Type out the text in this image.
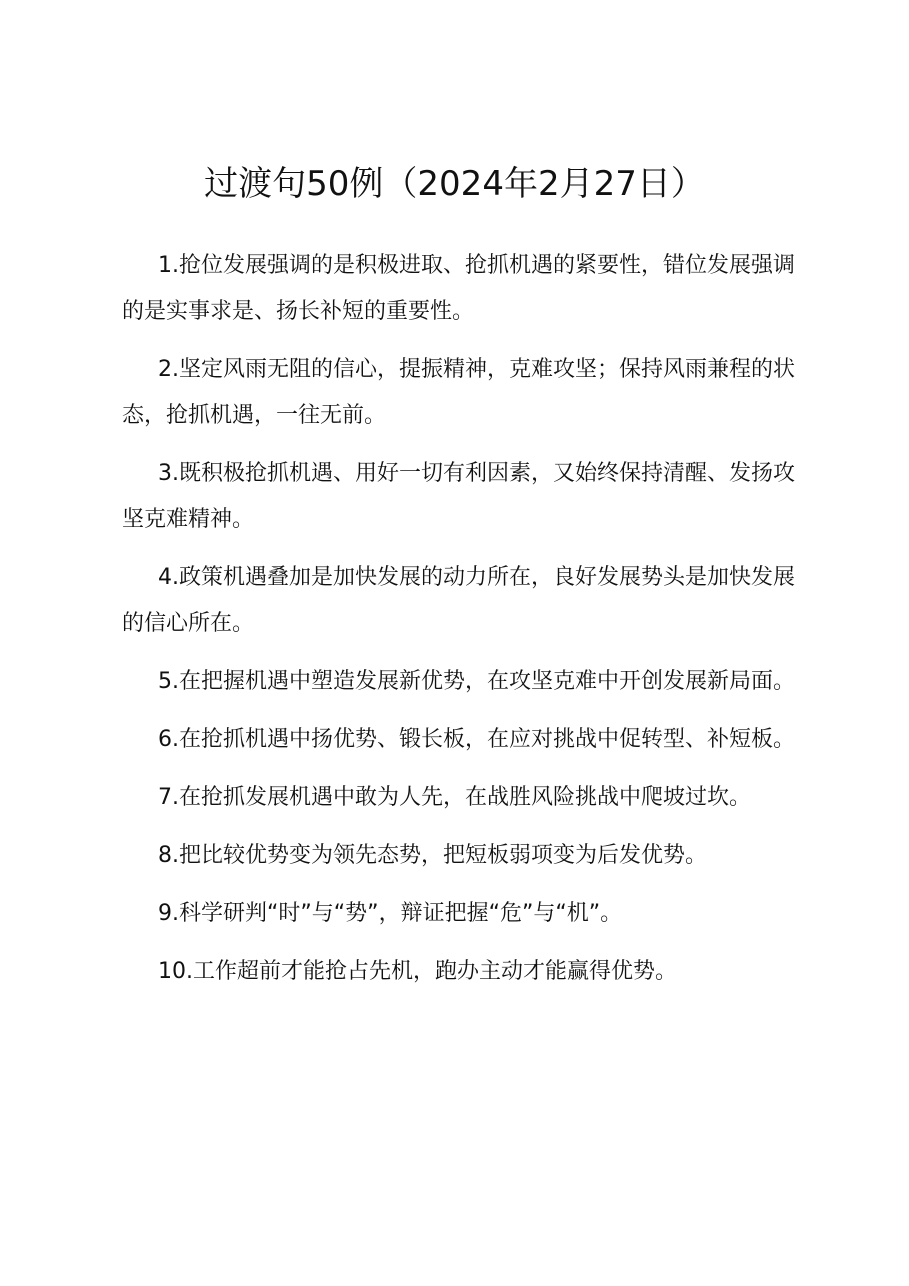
过渡句50例（2024年2月27日）

1.抢位发展强调的是积极进取、抢抓机遇的紧要性，错位发展强调的是实事求是、扬长补短的重要性。

2.坚定风雨无阻的信心，提振精神，克难攻坚；保持风雨兼程的状态，抢抓机遇，一往无前。

3.既积极抢抓机遇、用好一切有利因素，又始终保持清醒、发扬攻坚克难精神。

4.政策机遇叠加是加快发展的动力所在，良好发展势头是加快发展的信心所在。

5.在把握机遇中塑造发展新优势，在攻坚克难中开创发展新局面。

6.在抢抓机遇中扬优势、锻长板，在应对挑战中促转型、补短板。

7.在抢抓发展机遇中敢为人先，在战胜风险挑战中爬坡过坎。

8.把比较优势变为领先态势，把短板弱项变为后发优势。

9.科学研判“时”与“势”，辩证把握“危”与“机”。

10.工作超前才能抢占先机，跑办主动才能赢得优势。
